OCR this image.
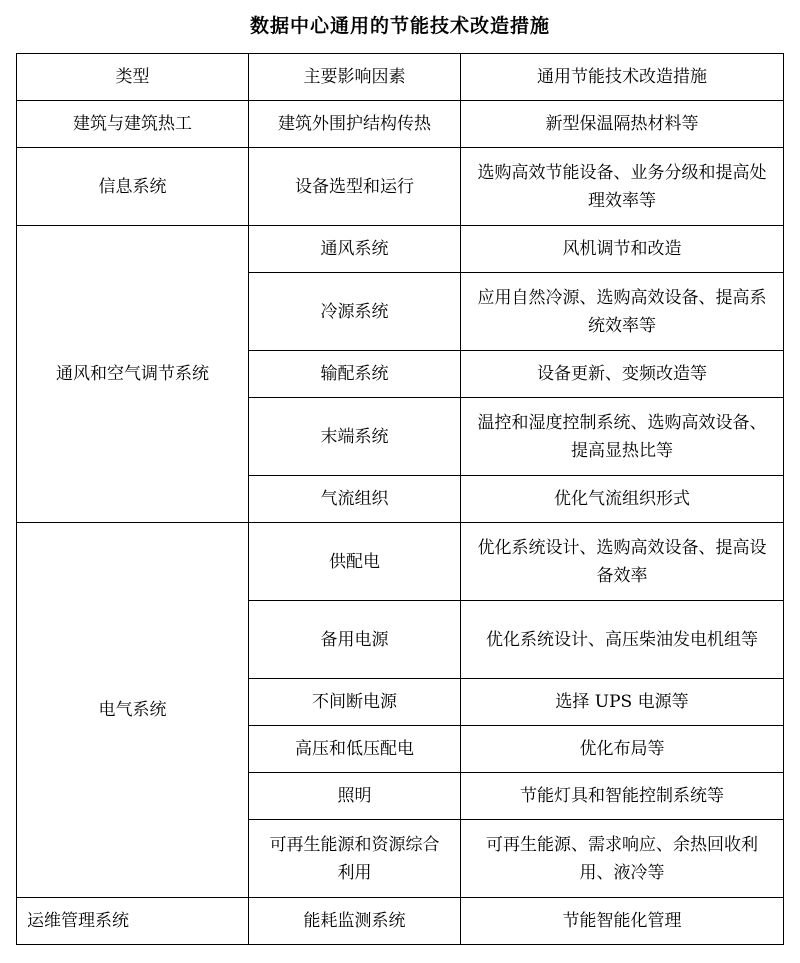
数据中心通用的节能技术改造措施
类型	主要影响因素	通用节能技术改造措施
建筑与建筑热工	建筑外围护结构传热	新型保温隔热材料等
信息系统	设备选型和运行	选购高效节能设备、业务分级和提高处理效率等
通风和空气调节系统	通风系统	风机调节和改造
	冷源系统	应用自然冷源、选购高效设备、提高系统效率等
	输配系统	设备更新、变频改造等
	末端系统	温控和湿度控制系统、选购高效设备、提高显热比等
	气流组织	优化气流组织形式
电气系统	供配电	优化系统设计、选购高效设备、提高设备效率
	备用电源	优化系统设计、高压柴油发电机组等
	不间断电源	选择 UPS 电源等
	高压和低压配电	优化布局等
	照明	节能灯具和智能控制系统等
	可再生能源和资源综合利用	可再生能源、需求响应、余热回收利用、液冷等
运维管理系统	能耗监测系统	节能智能化管理
